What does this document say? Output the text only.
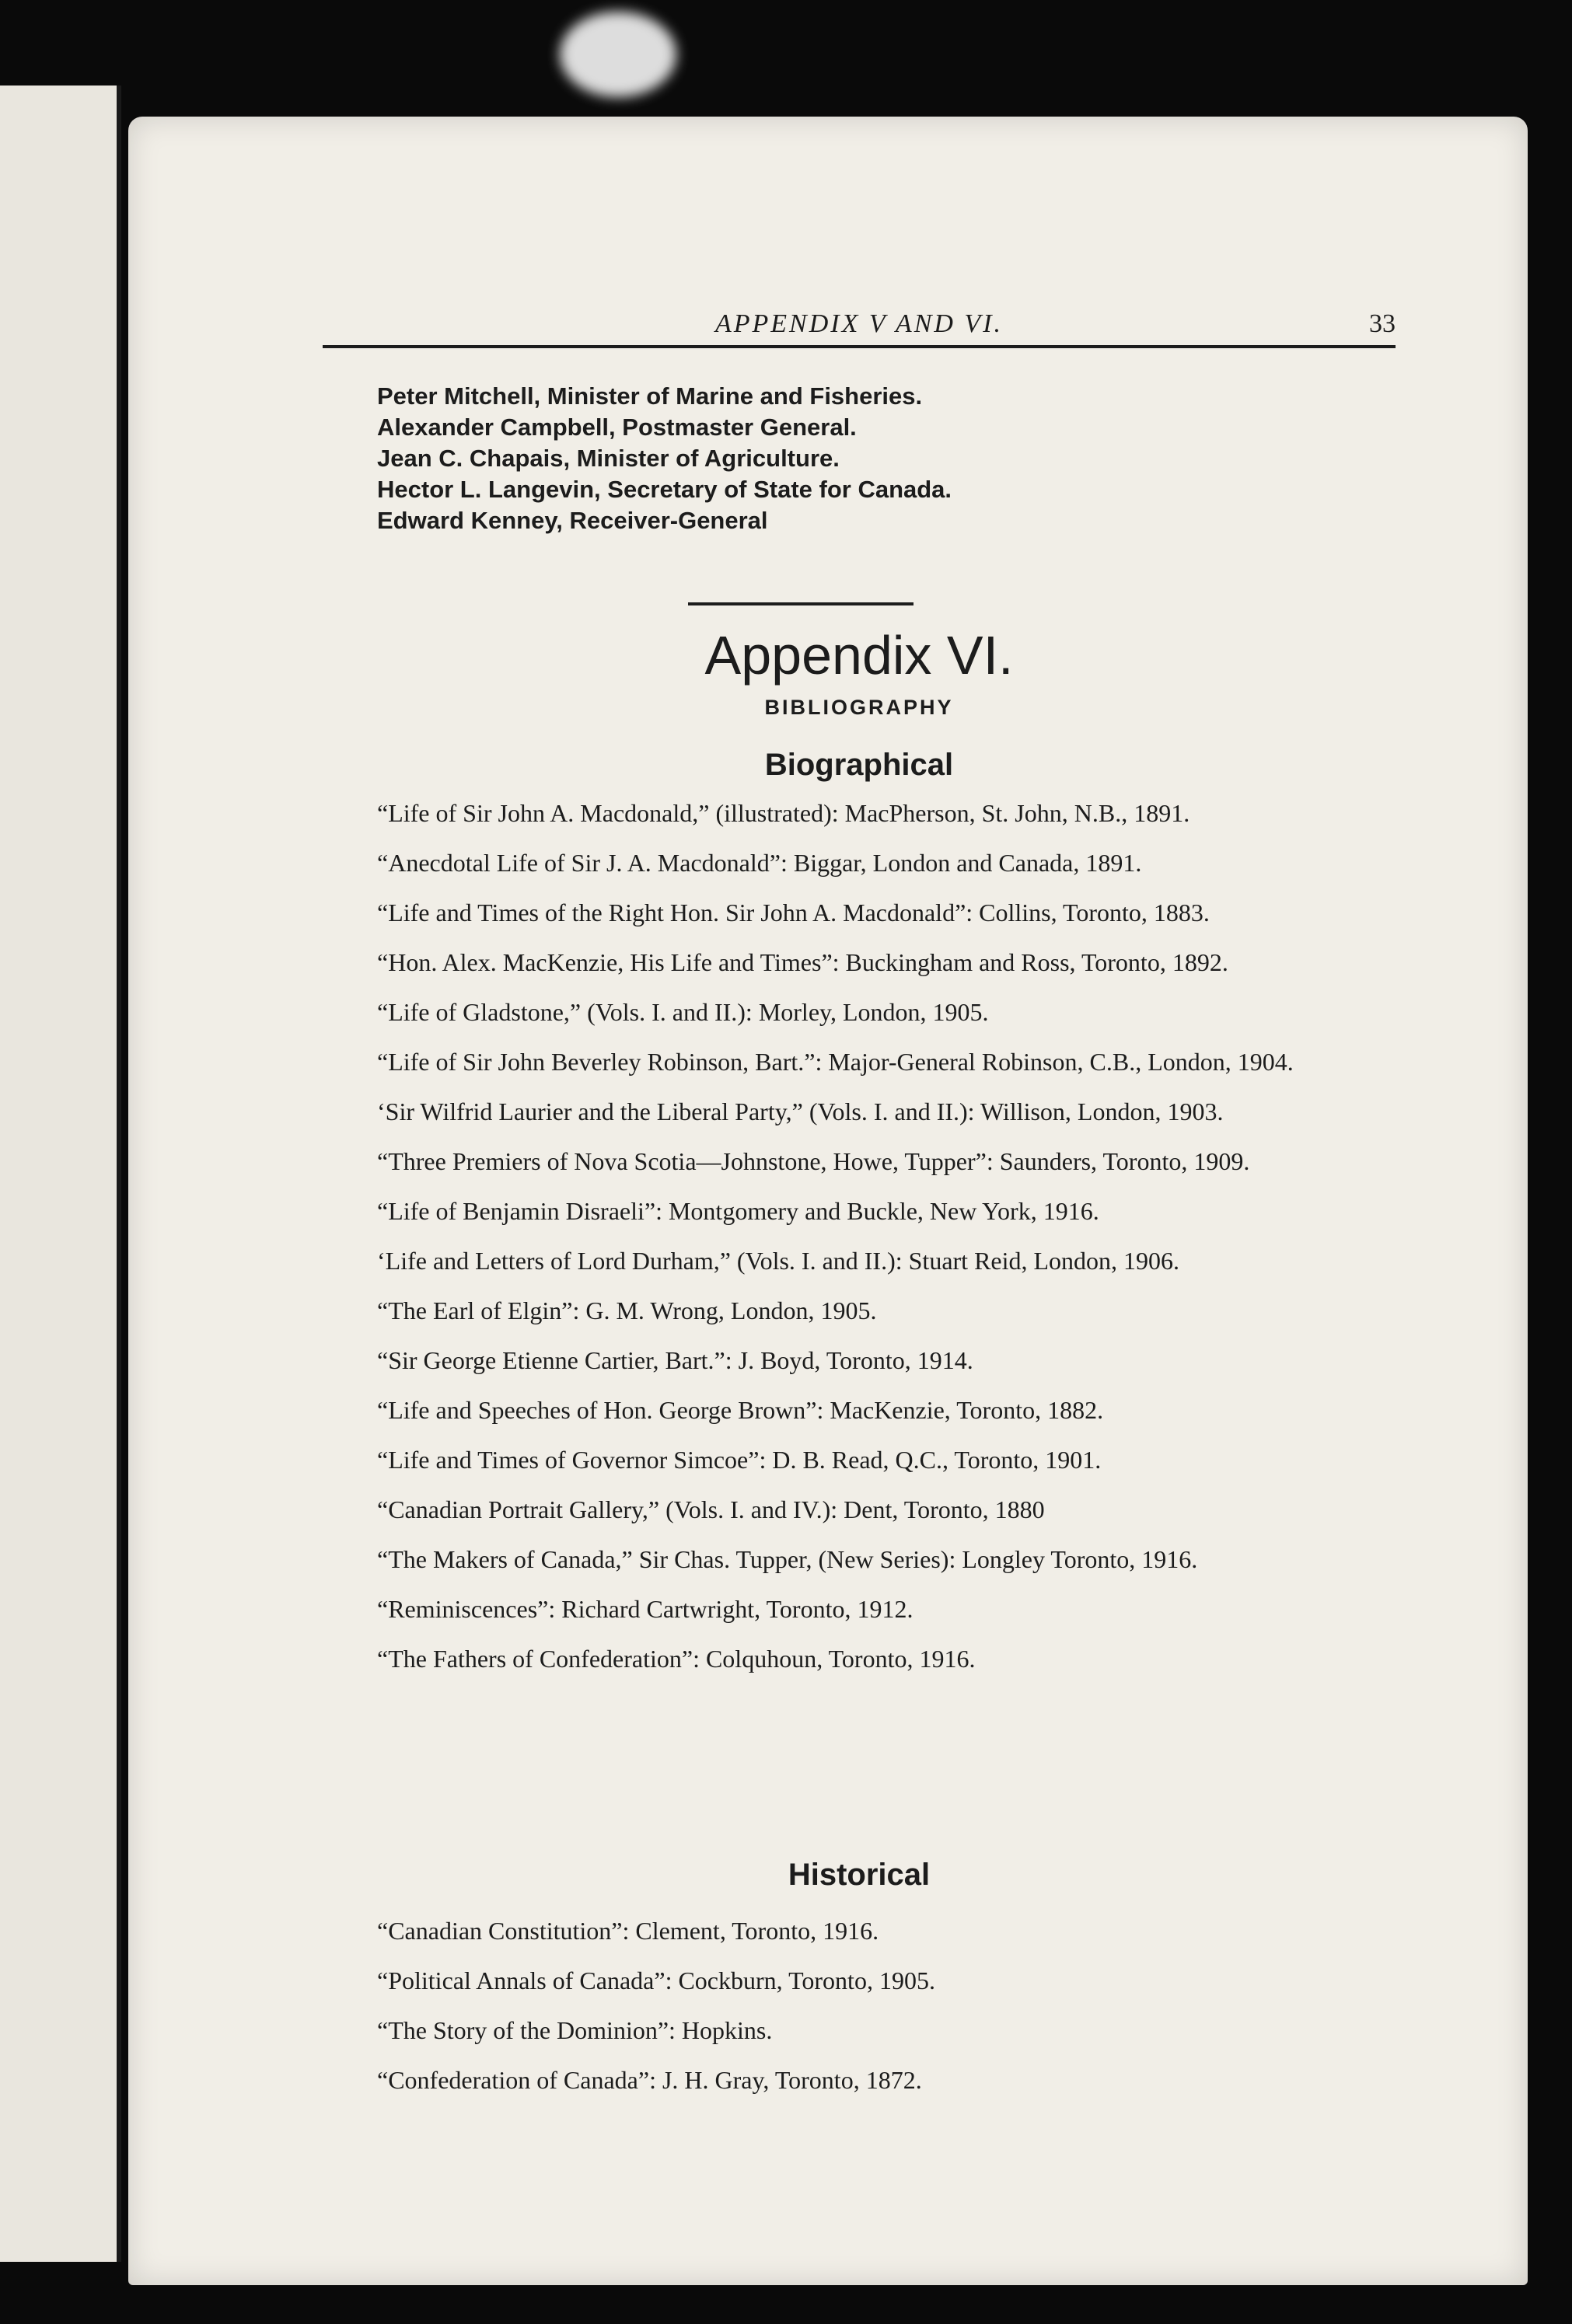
APPENDIX V AND VI.	33
Peter Mitchell, Minister of Marine and Fisheries.
Alexander Campbell, Postmaster General.
Jean C. Chapais, Minister of Agriculture.
Hector L. Langevin, Secretary of State for Canada.
Edward Kenney, Receiver-General
Appendix VI.
BIBLIOGRAPHY
Biographical

“Life of Sir John A. Macdonald,” (illustrated): MacPherson, St. John, N.B., 1891.

“Anecdotal Life of Sir J. A. Macdonald”: Biggar, London and Canada, 1891.

“Life and Times of the Right Hon. Sir John A. Macdonald”: Collins, Toronto, 1883.

“Hon. Alex. MacKenzie, His Life and Times”: Buckingham and Ross, Toronto, 1892.

“Life of Gladstone,” (Vols. I. and II.): Morley, London, 1905.

“Life of Sir John Beverley Robinson, Bart.”: Major-General Robinson, C.B., London, 1904.

‘Sir Wilfrid Laurier and the Liberal Party,” (Vols. I. and II.): Willison, London, 1903.

“Three Premiers of Nova Scotia—Johnstone, Howe, Tupper”: Saunders, Toronto, 1909.

“Life of Benjamin Disraeli”: Montgomery and Buckle, New York, 1916.

‘Life and Letters of Lord Durham,” (Vols. I. and II.): Stuart Reid, London, 1906.

“The Earl of Elgin”: G. M. Wrong, London, 1905.

“Sir George Etienne Cartier, Bart.”: J. Boyd, Toronto, 1914.

“Life and Speeches of Hon. George Brown”: MacKenzie, Toronto, 1882.

“Life and Times of Governor Simcoe”: D. B. Read, Q.C., Toronto, 1901.

“Canadian Portrait Gallery,” (Vols. I. and IV.): Dent, Toronto, 1880

“The Makers of Canada,” Sir Chas. Tupper, (New Series): Longley Toronto, 1916.

“Reminiscences”: Richard Cartwright, Toronto, 1912.

“The Fathers of Confederation”: Colquhoun, Toronto, 1916.

Historical

“Canadian Constitution”: Clement, Toronto, 1916.

“Political Annals of Canada”: Cockburn, Toronto, 1905.

“The Story of the Dominion”: Hopkins.

“Confederation of Canada”: J. H. Gray, Toronto, 1872.
